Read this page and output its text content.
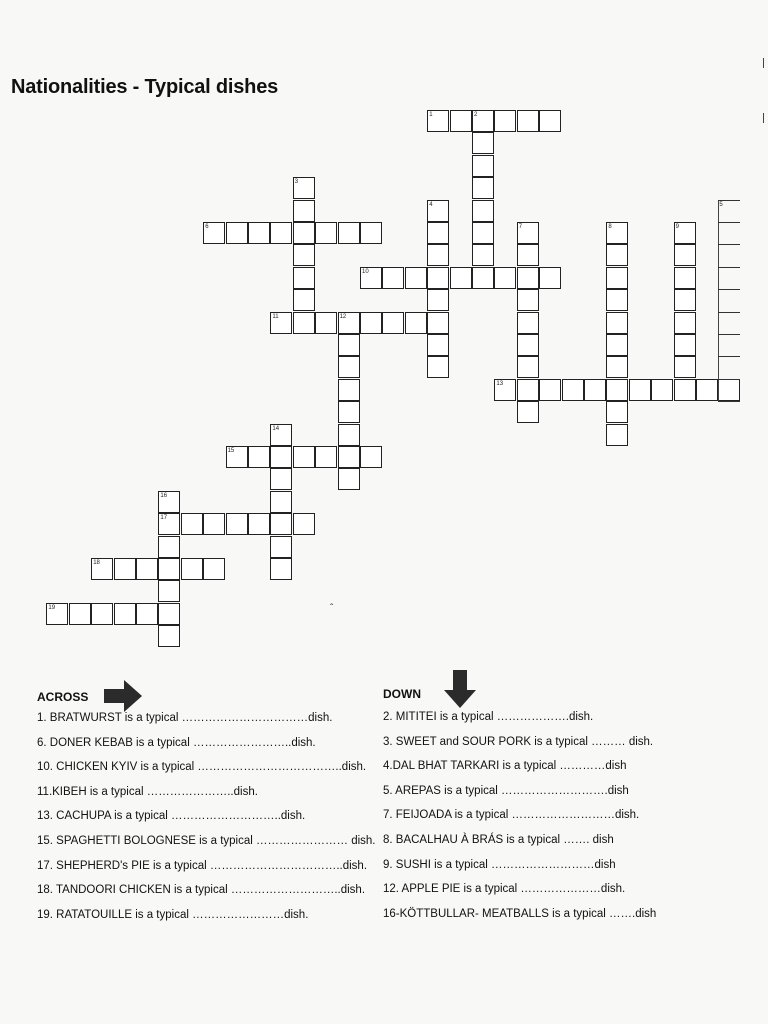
Nationalities - Typical dishes
1
6
10
11
13
15
17
18
19
2
3
4	5
7	8	9
12
14
16
ˆ
ACROSS	DOWN
1. BRATWURST is a typical ……………………………dish.
6. DONER KEBAB is a typical ……………………..dish.
10. CHICKEN KYIV is a typical ………………………………..dish.
11.KIBEH is a typical …………………..dish.
13. CACHUPA is a typical ………………………..dish.
15. SPAGHETTI BOLOGNESE is a typical …………………… dish.
17. SHEPHERD's PIE is a typical ……………………………..dish.
18. TANDOORI CHICKEN is a typical ………………………..dish.
19. RATATOUILLE is a typical ……………………dish.
2. MITITEI is a typical ……………….dish.
3. SWEET and SOUR PORK is a typical ……… dish.
4.DAL BHAT TARKARI is a typical …………dish
5. AREPAS is a typical ……………………….dish
7. FEIJOADA is a typical ………………………dish.
8. BACALHAU À BRÁS is a typical ……. dish
9. SUSHI is a typical ………………………dish
12. APPLE PIE is a typical …………………dish.
16-KÖTTBULLAR- MEATBALLS is a typical …….dish
